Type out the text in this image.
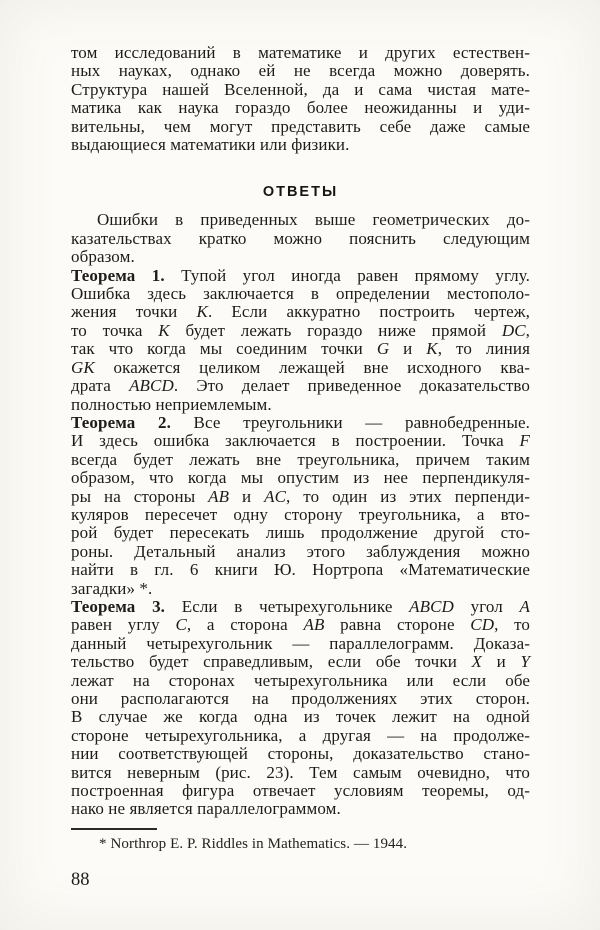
том исследований в математике и других естествен-
ных науках, однако ей не всегда можно доверять.
Структура нашей Вселенной, да и сама чистая мате-
матика как наука гораздо более неожиданны и уди-
вительны, чем могут представить себе даже самые
выдающиеся математики или физики.
ОТВЕТЫ
Ошибки в приведенных выше геометрических до-
казательствах кратко можно пояснить следующим
образом.
Теорема 1. Тупой угол иногда равен прямому углу.
Ошибка здесь заключается в определении местополо-
жения точки K. Если аккуратно построить чертеж,
то точка K будет лежать гораздо ниже прямой DC,
так что когда мы соединим точки G и K, то линия
GK окажется целиком лежащей вне исходного ква-
драта ABCD. Это делает приведенное доказательство
полностью неприемлемым.
Теорема 2. Все треугольники — равнобедренные.
И здесь ошибка заключается в построении. Точка F
всегда будет лежать вне треугольника, причем таким
образом, что когда мы опустим из нее перпендикуля-
ры на стороны AB и AC, то один из этих перпенди-
куляров пересечет одну сторону треугольника, а вто-
рой будет пересекать лишь продолжение другой сто-
роны. Детальный анализ этого заблуждения можно
найти в гл. 6 книги Ю. Нортропа «Математические
загадки» *.
Теорема 3. Если в четырехугольнике ABCD угол A
равен углу C, а сторона AB равна стороне CD, то
данный четырехугольник — параллелограмм. Доказа-
тельство будет справедливым, если обе точки X и Y
лежат на сторонах четырехугольника или если обе
они располагаются на продолжениях этих сторон.
В случае же когда одна из точек лежит на одной
стороне четырехугольника, а другая — на продолже-
нии соответствующей стороны, доказательство стано-
вится неверным (рис. 23). Тем самым очевидно, что
построенная фигура отвечает условиям теоремы, од-
нако не является параллелограммом.
* Northrop E. P. Riddles in Mathematics. — 1944.
88
